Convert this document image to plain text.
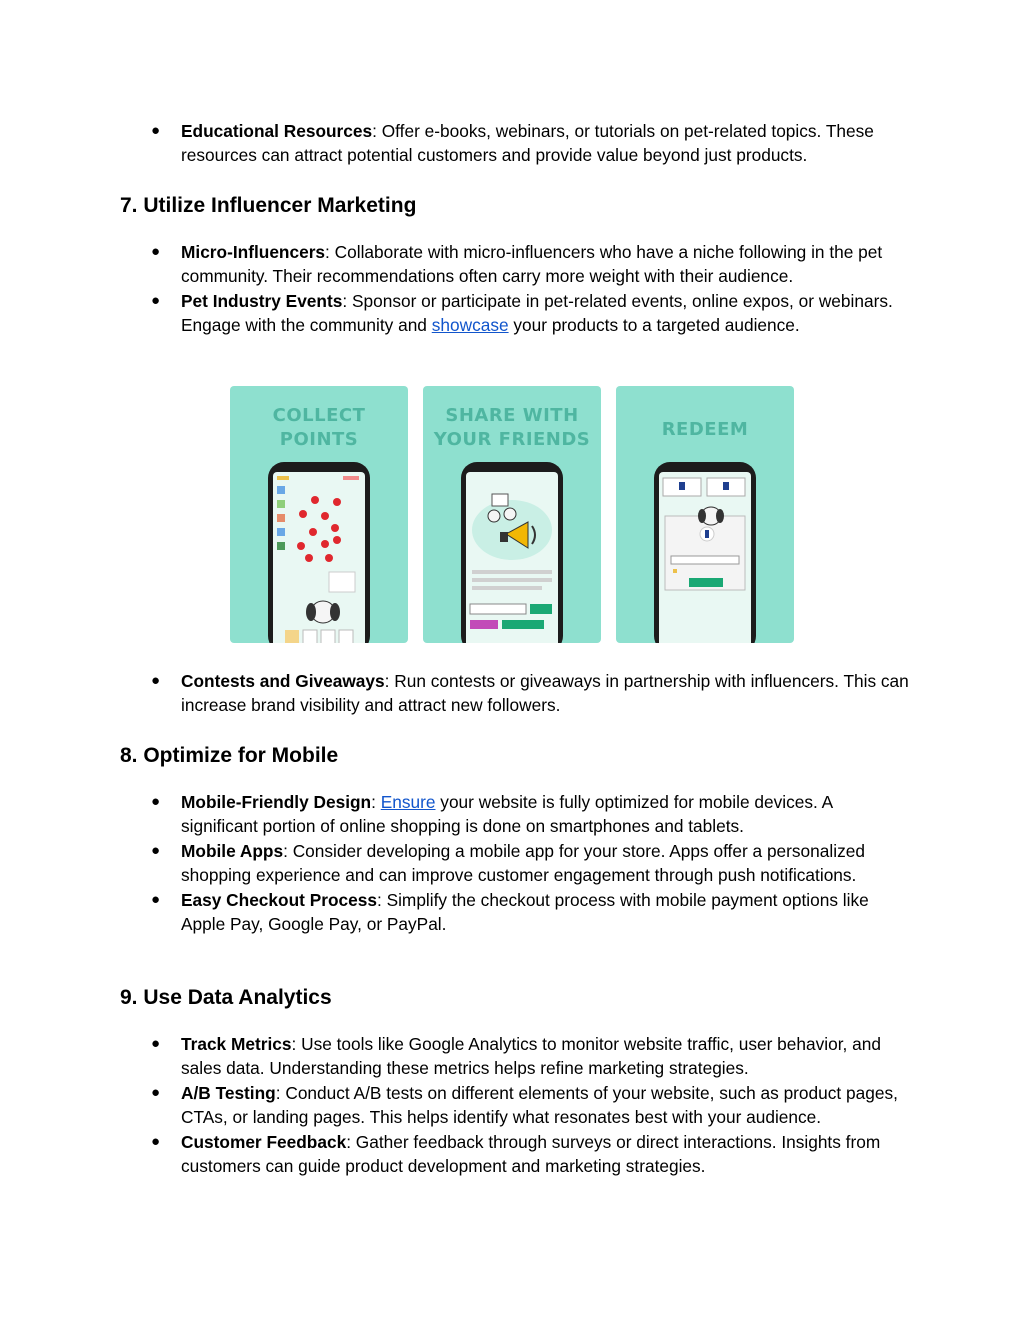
● Educational Resources: Offer e-books, webinars, or tutorials on pet-related topics. These resources can attract potential customers and provide value beyond just products.
7. Utilize Influencer Marketing
● Micro-Influencers: Collaborate with micro-influencers who have a niche following in the pet community. Their recommendations often carry more weight with their audience.
● Pet Industry Events: Sponsor or participate in pet-related events, online expos, or webinars. Engage with the community and showcase your products to a targeted audience.
COLLECT
POINTS
SHARE WITH
YOUR FRIENDS	REDEEM
● Contests and Giveaways: Run contests or giveaways in partnership with influencers. This can increase brand visibility and attract new followers.
8. Optimize for Mobile
● Mobile-Friendly Design: Ensure your website is fully optimized for mobile devices. A significant portion of online shopping is done on smartphones and tablets.
● Mobile Apps: Consider developing a mobile app for your store. Apps offer a personalized shopping experience and can improve customer engagement through push notifications.
● Easy Checkout Process: Simplify the checkout process with mobile payment options like Apple Pay, Google Pay, or PayPal.
9. Use Data Analytics
● Track Metrics: Use tools like Google Analytics to monitor website traffic, user behavior, and sales data. Understanding these metrics helps refine marketing strategies.
● A/B Testing: Conduct A/B tests on different elements of your website, such as product pages, CTAs, or landing pages. This helps identify what resonates best with your audience.
● Customer Feedback: Gather feedback through surveys or direct interactions. Insights from customers can guide product development and marketing strategies.
